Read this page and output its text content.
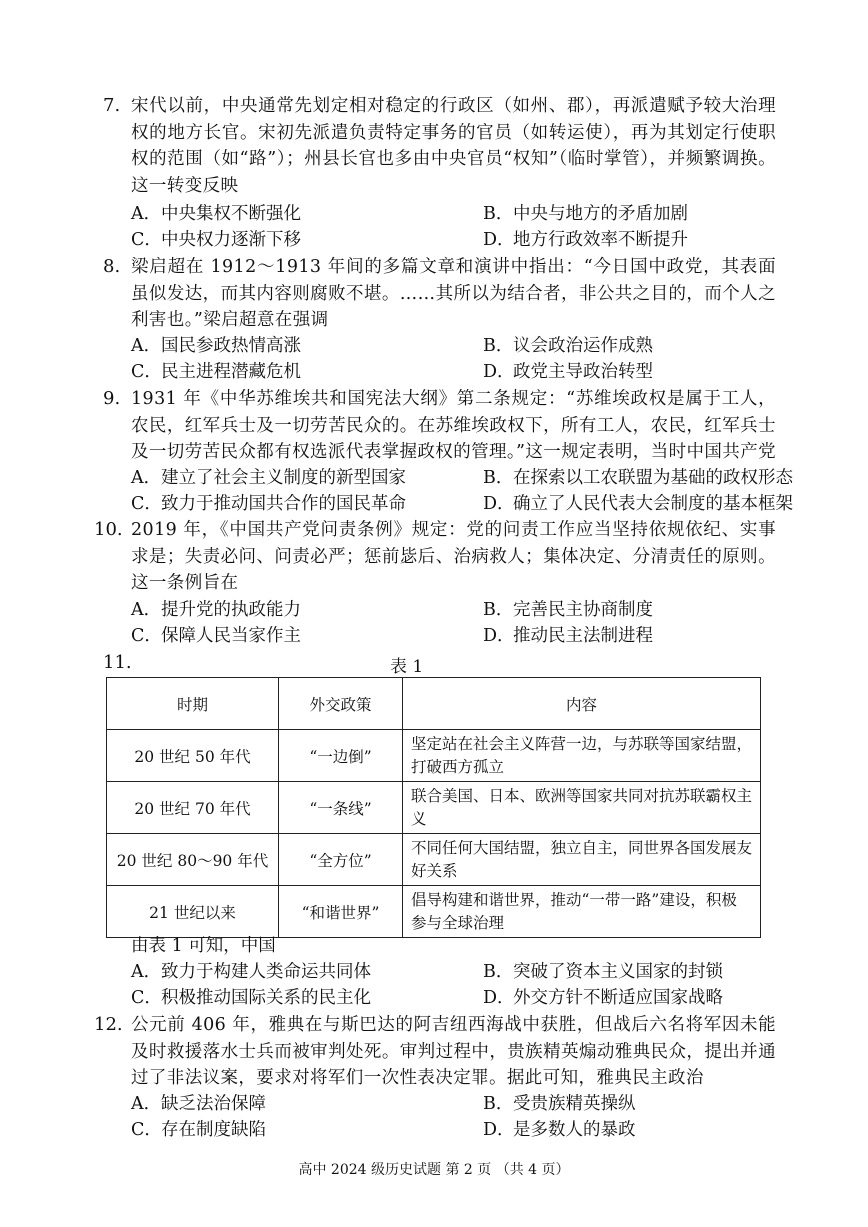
7. 宋代以前，中央通常先划定相对稳定的行政区（如州、郡），再派遣赋予较大治理权的地方长官。宋初先派遣负责特定事务的官员（如转运使），再为其划定行使职权的范围（如“路”）；州县长官也多由中央官员“权知”（临时掌管），并频繁调换。这一转变反映
A．中央集权不断强化	B．中央与地方的矛盾加剧
C．中央权力逐渐下移	D．地方行政效率不断提升
8. 梁启超在 1912～1913 年间的多篇文章和演讲中指出：“今日国中政党，其表面虽似发达，而其内容则腐败不堪。……其所以为结合者，非公共之目的，而个人之利害也。”梁启超意在强调
A．国民参政热情高涨	B．议会政治运作成熟
C．民主进程潜藏危机	D．政党主导政治转型
9. 1931 年《中华苏维埃共和国宪法大纲》第二条规定：“苏维埃政权是属于工人，农民，红军兵士及一切劳苦民众的。在苏维埃政权下，所有工人，农民，红军兵士及一切劳苦民众都有权选派代表掌握政权的管理。”这一规定表明，当时中国共产党
A．建立了社会主义制度的新型国家	B．在探索以工农联盟为基础的政权形态
C．致力于推动国共合作的国民革命	D．确立了人民代表大会制度的基本框架
10. 2019 年，《中国共产党问责条例》规定：党的问责工作应当坚持依规依纪、实事求是；失责必问、问责必严；惩前毖后、治病救人；集体决定、分清责任的原则。这一条例旨在
A．提升党的执政能力	B．完善民主协商制度
C．保障人民当家作主	D．推动民主法制进程
11.	表 1
时期	外交政策	内容
20 世纪 50 年代	“一边倒”	坚定站在社会主义阵营一边，与苏联等国家结盟，打破西方孤立
20 世纪 70 年代	“一条线”	联合美国、日本、欧洲等国家共同对抗苏联霸权主义
20 世纪 80～90 年代	“全方位”	不同任何大国结盟，独立自主，同世界各国发展友好关系
21 世纪以来	“和谐世界”	倡导构建和谐世界，推动“一带一路”建设，积极参与全球治理
由表 1 可知，中国
A．致力于构建人类命运共同体	B．突破了资本主义国家的封锁
C．积极推动国际关系的民主化	D．外交方针不断适应国家战略
12. 公元前 406 年，雅典在与斯巴达的阿吉纽西海战中获胜，但战后六名将军因未能及时救援落水士兵而被审判处死。审判过程中，贵族精英煽动雅典民众，提出并通过了非法议案，要求对将军们一次性表决定罪。据此可知，雅典民主政治
A．缺乏法治保障	B．受贵族精英操纵
C．存在制度缺陷	D．是多数人的暴政
高中 2024 级历史试题 第 2 页 （共 4 页）
